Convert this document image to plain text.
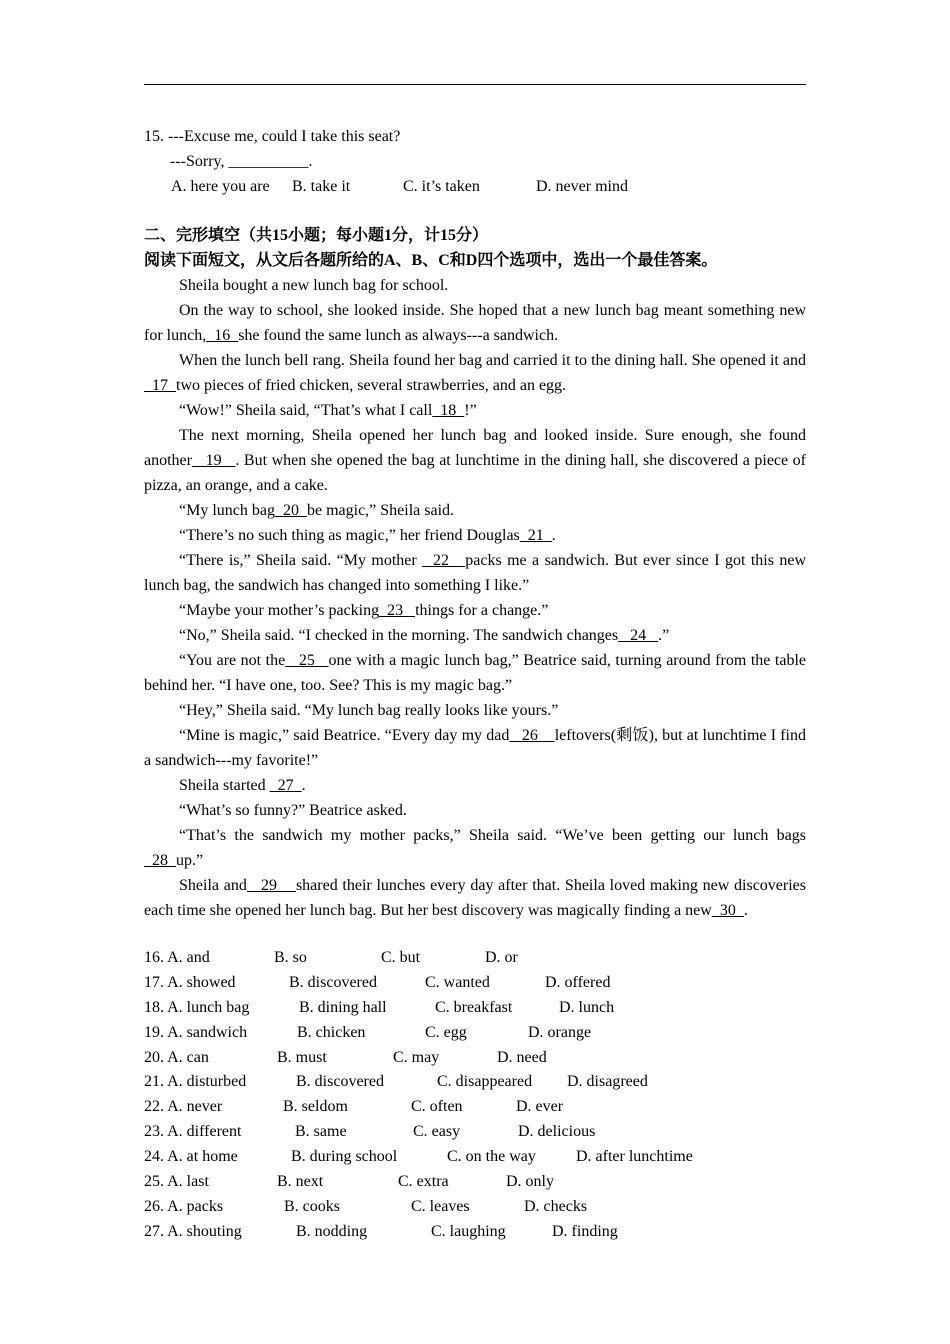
15. ---Excuse me, could I take this seat?
---Sorry, __________.
A. here you are B. take it	C. it’s taken	D. never mind
二、完形填空（共15小题；每小题1分，计15分）
阅读下面短文，从文后各题所给的A、B、C和D四个选项中，选出一个最佳答案。

Sheila bought a new lunch bag for school.

On the way to school, she looked inside. She hoped that a new lunch bag meant something new for lunch,  16  she found the same lunch as always---a sandwich.

When the lunch bell rang. Sheila found her bag and carried it to the dining hall. She opened it and  17  two pieces of fried chicken, several strawberries, and an egg.

“Wow!” Sheila said, “That’s what I call  18  !”

The next morning, Sheila opened her lunch bag and looked inside. Sure enough, she found another   19   . But when she opened the bag at lunchtime in the dining hall, she discovered a piece of pizza, an orange, and a cake.

“My lunch bag  20  be magic,” Sheila said.

“There’s no such thing as magic,” her friend Douglas  21  .

“There is,” Sheila said. “My mother   22   packs me a sandwich. But ever since I got this new lunch bag, the sandwich has changed into something I like.”

“Maybe your mother’s packing  23   things for a change.”

“No,” Sheila said. “I checked in the morning. The sandwich changes   24   .”

“You are not the   25   one with a magic lunch bag,” Beatrice said, turning around from the table behind her. “I have one, too. See? This is my magic bag.”

“Hey,” Sheila said. “My lunch bag really looks like yours.”

“Mine is magic,” said Beatrice. “Every day my dad   26    leftovers(剩饭), but at lunchtime I find a sandwich---my favorite!”

Sheila started   27  .

“What’s so funny?” Beatrice asked.

“That’s the sandwich my mother packs,” Sheila said. “We’ve been getting our lunch bags   28  up.”

Sheila and   29    shared their lunches every day after that. Sheila loved making new discoveries each time she opened her lunch bag. But her best discovery was magically finding a new  30  .

16. A. and	B. so	C. but	D. or
17. A. showed	B. discovered	C. wanted	D. offered
18. A. lunch bag	B. dining hall	C. breakfast	D. lunch
19. A. sandwich	B. chicken	C. egg	D. orange
20. A. can	B. must	C. may	D. need
21. A. disturbed	B. discovered	C. disappeared D. disagreed
22. A. never	B. seldom	C. often	D. ever
23. A. different	B. same	C. easy	D. delicious
24. A. at home	B. during school	C. on the way	D. after lunchtime
25. A. last	B. next	C. extra	D. only
26. A. packs	B. cooks	C. leaves	D. checks
27. A. shouting	B. nodding	C. laughing	D. finding
